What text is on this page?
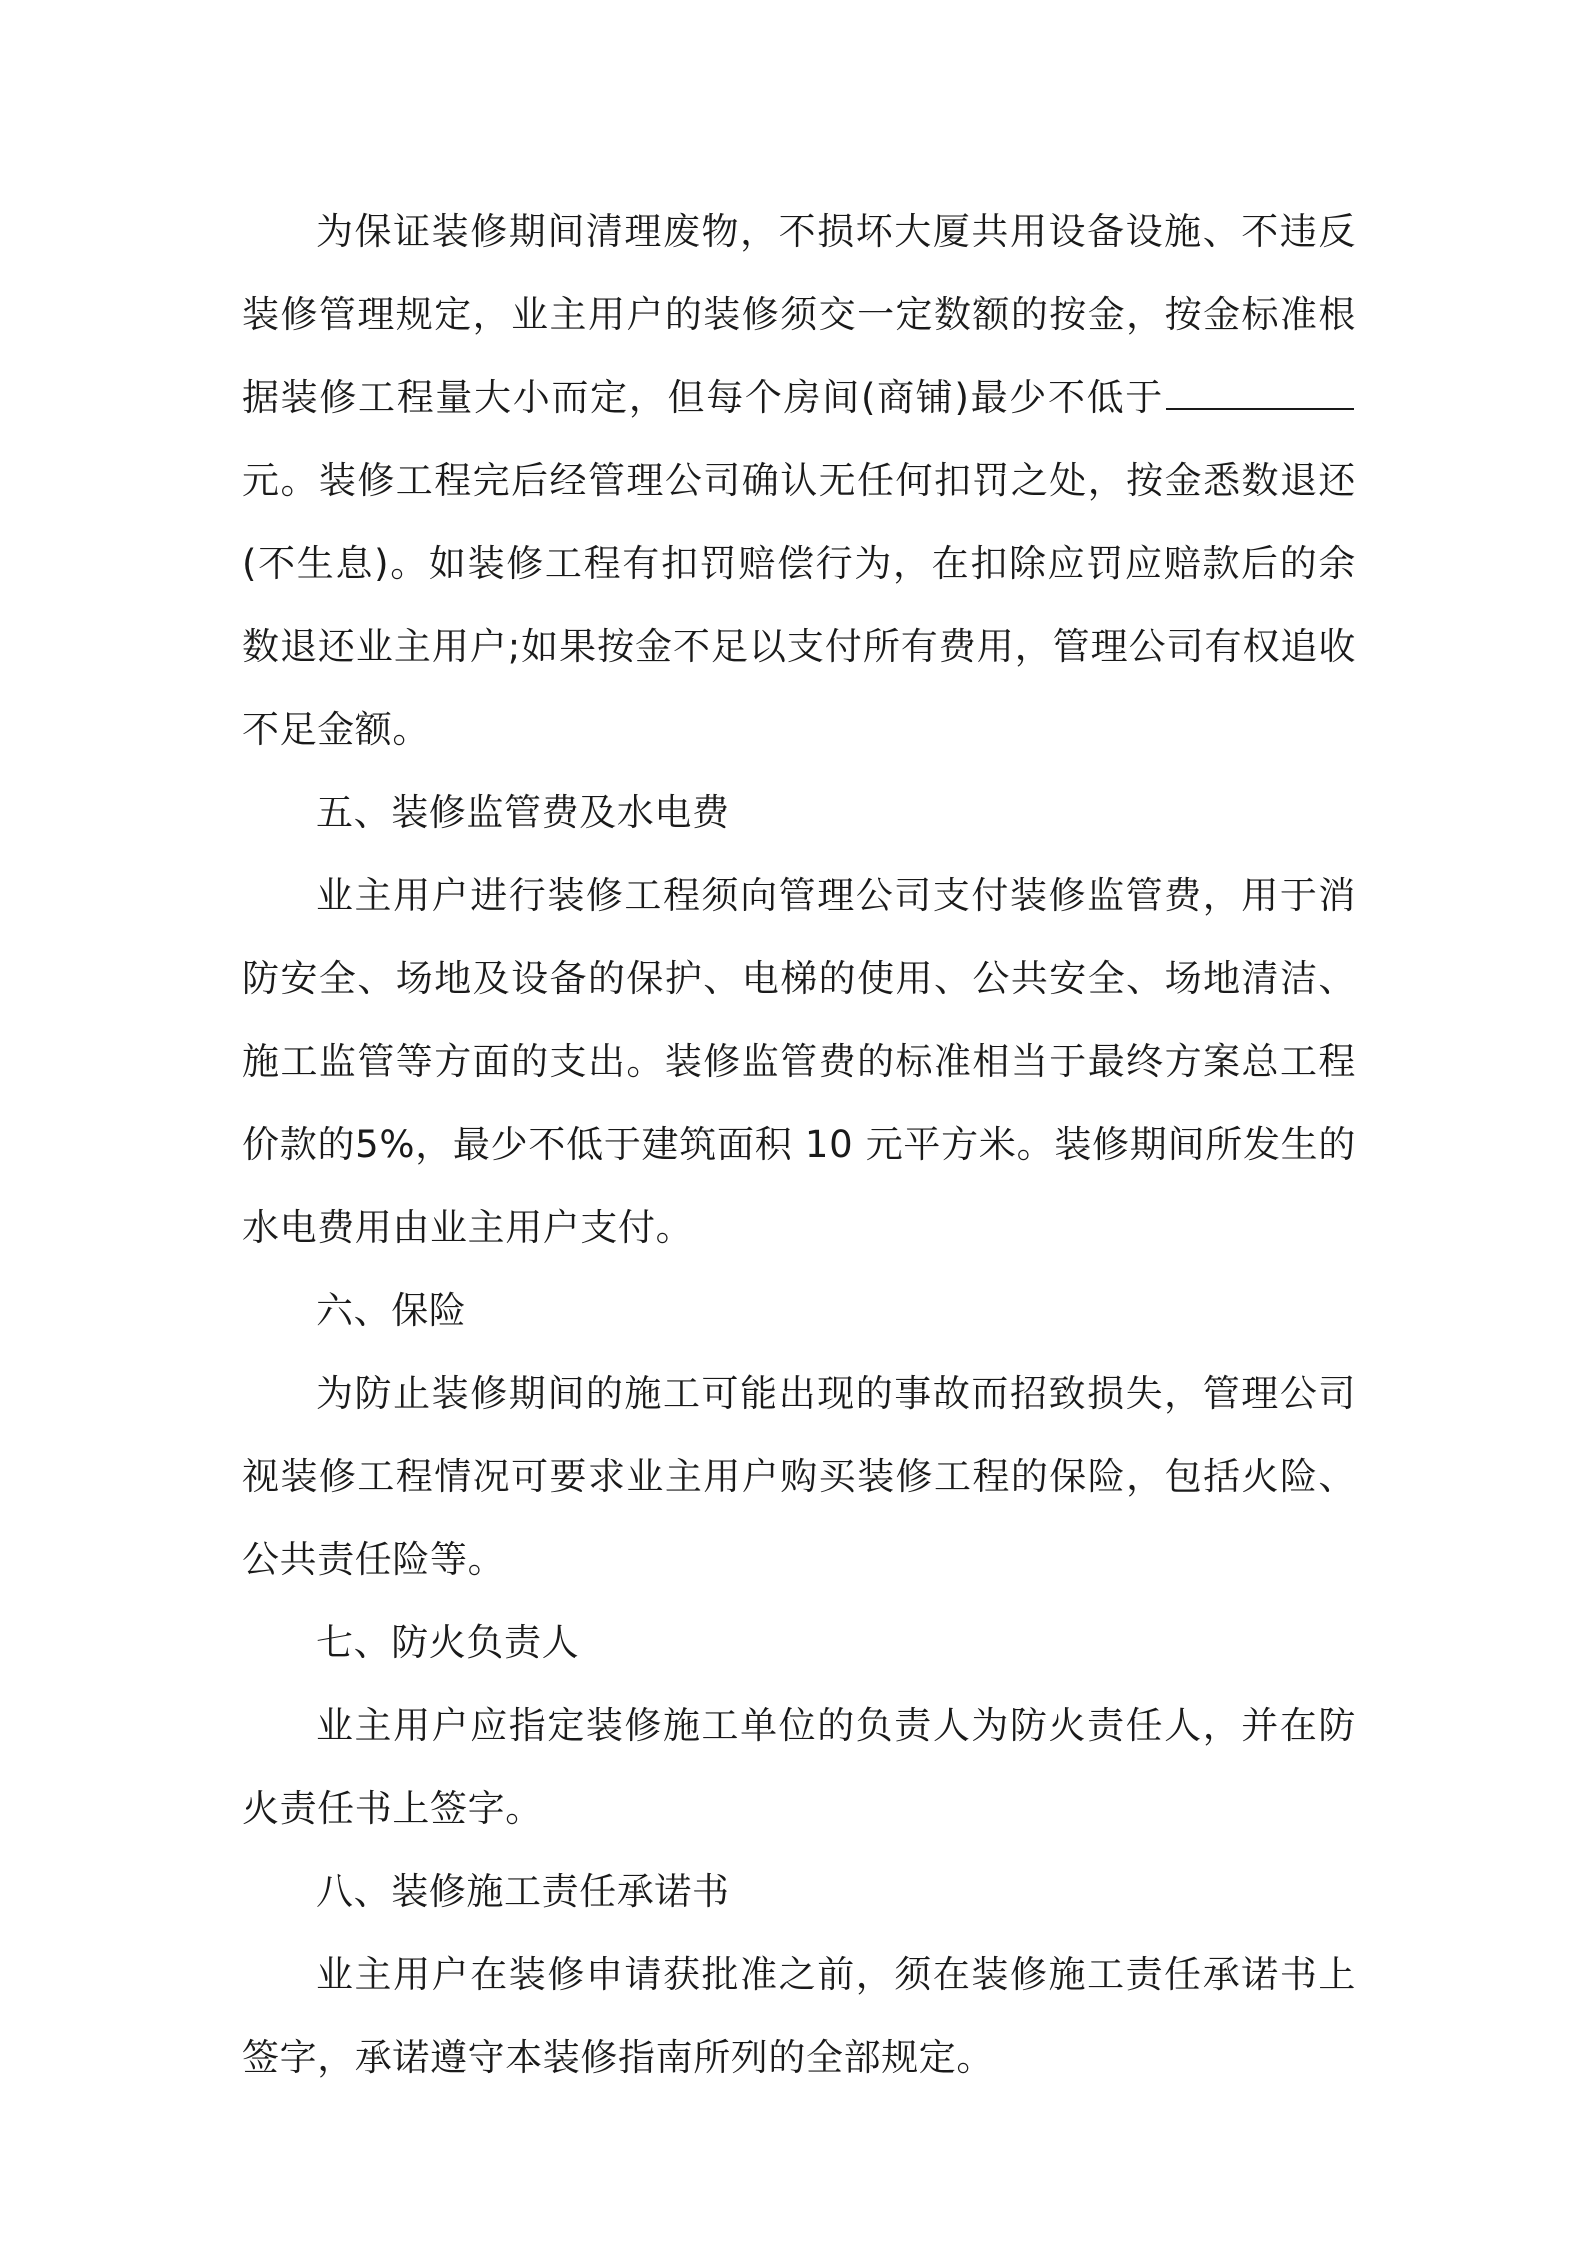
为保证装修期间清理废物，不损坏大厦共用设备设施、不违反装修管理规定，业主用户的装修须交一定数额的按金，按金标准根据装修工程量大小而定，但每个房间(商铺)最少不低于元。装修工程完后经管理公司确认无任何扣罚之处，按金悉数退还(不生息)。如装修工程有扣罚赔偿行为，在扣除应罚应赔款后的余数退还业主用户;如果按金不足以支付所有费用，管理公司有权追收不足金额。

五、装修监管费及水电费

业主用户进行装修工程须向管理公司支付装修监管费，用于消防安全、场地及设备的保护、电梯的使用、公共安全、场地清洁、施工监管等方面的支出。装修监管费的标准相当于最终方案总工程价款的5%，最少不低于建筑面积 10 元平方米。装修期间所发生的水电费用由业主用户支付。

六、保险

为防止装修期间的施工可能出现的事故而招致损失，管理公司视装修工程情况可要求业主用户购买装修工程的保险，包括火险、公共责任险等。

七、防火负责人

业主用户应指定装修施工单位的负责人为防火责任人，并在防火责任书上签字。

八、装修施工责任承诺书

业主用户在装修申请获批准之前，须在装修施工责任承诺书上签字，承诺遵守本装修指南所列的全部规定。
